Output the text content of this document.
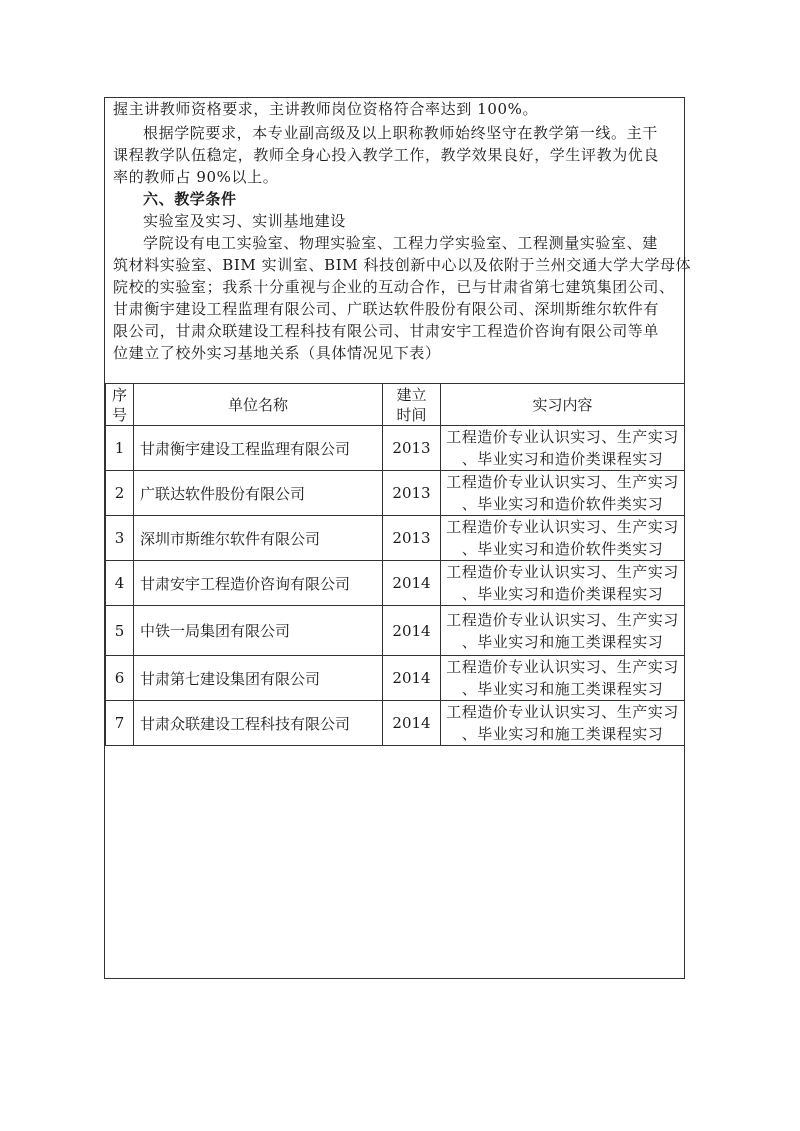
握主讲教师资格要求，主讲教师岗位资格符合率达到 100%。
根据学院要求，本专业副高级及以上职称教师始终坚守在教学第一线。主干
课程教学队伍稳定，教师全身心投入教学工作，教学效果良好，学生评教为优良
率的教师占 90%以上。
六、教学条件
实验室及实习、实训基地建设
学院设有电工实验室、物理实验室、工程力学实验室、工程测量实验室、建
筑材料实验室、BIM 实训室、BIM 科技创新中心以及依附于兰州交通大学大学母体
院校的实验室；我系十分重视与企业的互动合作，已与甘肃省第七建筑集团公司、
甘肃衡宇建设工程监理有限公司、广联达软件股份有限公司、深圳斯维尔软件有
限公司，甘肃众联建设工程科技有限公司、甘肃安宇工程造价咨询有限公司等单
位建立了校外实习基地关系（具体情况见下表）
序
号	单位名称	建立
时间	实习内容
1	甘肃衡宇建设工程监理有限公司	2013	工程造价专业认识实习、生产实习
、毕业实习和造价类课程实习

2	广联达软件股份有限公司	2013	工程造价专业认识实习、生产实习
、毕业实习和造价软件类实习

3	深圳市斯维尔软件有限公司	2013	工程造价专业认识实习、生产实习
、毕业实习和造价软件类实习

4	甘肃安宇工程造价咨询有限公司	2014	工程造价专业认识实习、生产实习
、毕业实习和造价类课程实习

5	中铁一局集团有限公司	2014	工程造价专业认识实习、生产实习
、毕业实习和施工类课程实习

6	甘肃第七建设集团有限公司	2014	工程造价专业认识实习、生产实习
、毕业实习和施工类课程实习

7	甘肃众联建设工程科技有限公司	2014	工程造价专业认识实习、生产实习
、毕业实习和施工类课程实习
